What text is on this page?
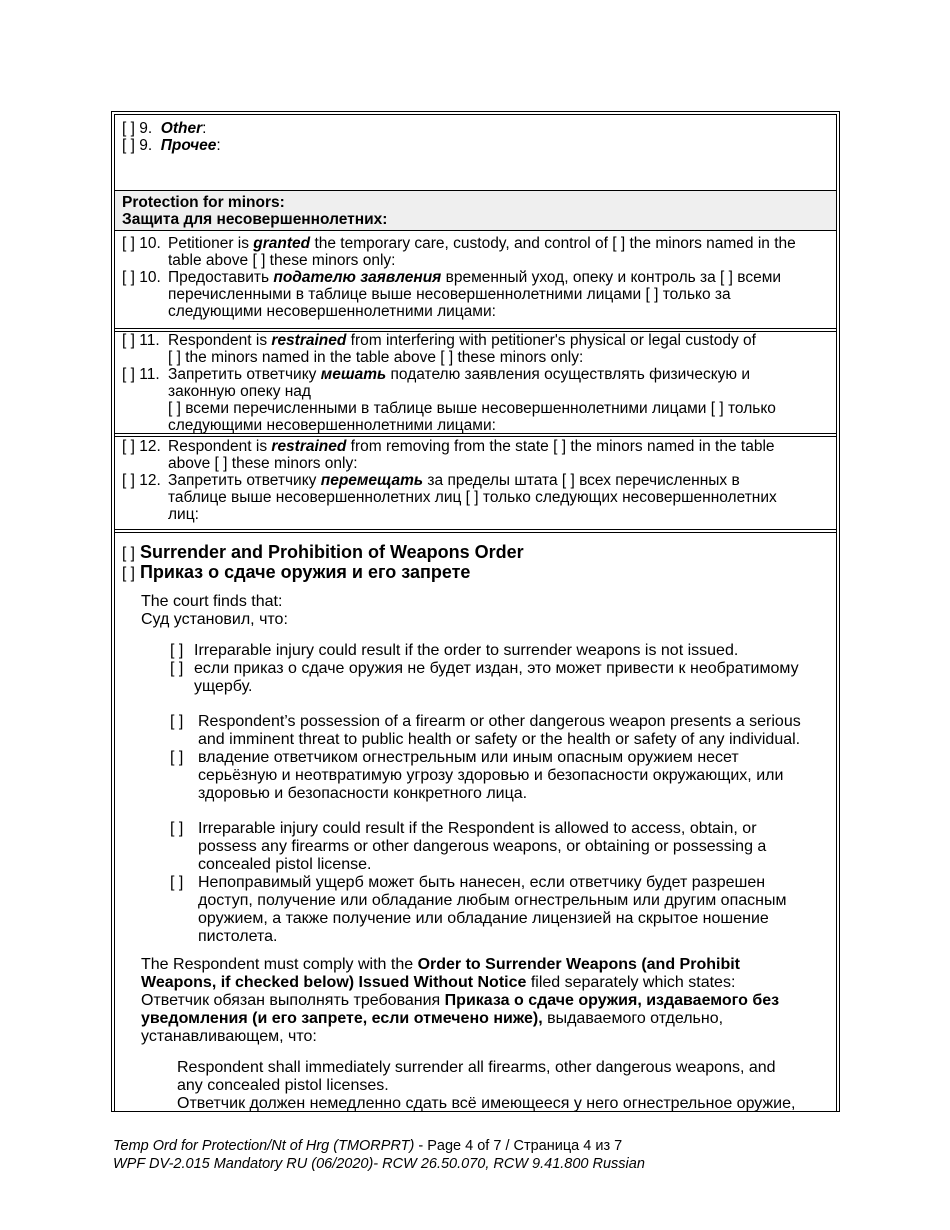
[ ] 9. Other:
[ ] 9. Прочее:
Protection for minors:
Защита для несовершеннолетних:
[ ] 10. Petitioner is granted the temporary care, custody, and control of [ ] the minors named in the
table above [ ] these minors only:
[ ] 10. Предоставить подателю заявления временный уход, опеку и контроль за [ ] всеми
перечисленными в таблице выше несовершеннолетними лицами [ ] только за
следующими несовершеннолетними лицами:
[ ] 11. Respondent is restrained from interfering with petitioner's physical or legal custody of
[ ] the minors named in the table above [ ] these minors only:
[ ] 11. Запретить ответчику мешать подателю заявления осуществлять физическую и
законную опеку над
[ ] всеми перечисленными в таблице выше несовершеннолетними лицами [ ] только
следующими несовершеннолетними лицами:
[ ] 12. Respondent is restrained from removing from the state [ ] the minors named in the table
above [ ] these minors only:
[ ] 12. Запретить ответчику перемещать за пределы штата [ ] всех перечисленных в
таблице выше несовершеннолетних лиц [ ] только следующих несовершеннолетних
лиц:
[ ] Surrender and Prohibition of Weapons Order
[ ] Приказ о сдаче оружия и его запрете
The court finds that:
Суд установил, что:
[ ] Irreparable injury could result if the order to surrender weapons is not issued.
[ ] если приказ о сдаче оружия не будет издан, это может привести к необратимому
ущербу.
[ ] Respondent’s possession of a firearm or other dangerous weapon presents a serious
and imminent threat to public health or safety or the health or safety of any individual.
[ ] владение ответчиком огнестрельным или иным опасным оружием несет
серьёзную и неотвратимую угрозу здоровью и безопасности окружающих, или
здоровью и безопасности конкретного лица.
[ ] Irreparable injury could result if the Respondent is allowed to access, obtain, or
possess any firearms or other dangerous weapons, or obtaining or possessing a
concealed pistol license.
[ ] Непоправимый ущерб может быть нанесен, если ответчику будет разрешен
доступ, получение или обладание любым огнестрельным или другим опасным
оружием, а также получение или обладание лицензией на скрытое ношение
пистолета.
The Respondent must comply with the Order to Surrender Weapons (and Prohibit
Weapons, if checked below) Issued Without Notice filed separately which states:
Ответчик обязан выполнять требования Приказа о сдаче оружия, издаваемого без
уведомления (и его запрете, если отмечено ниже), выдаваемого отдельно,
устанавливающем, что:
Respondent shall immediately surrender all firearms, other dangerous weapons, and
any concealed pistol licenses.
Ответчик должен немедленно сдать всё имеющееся у него огнестрельное оружие,
Temp Ord for Protection/Nt of Hrg (TMORPRT) - Page 4 of 7 / Страница 4 из 7
WPF DV-2.015 Mandatory RU (06/2020)- RCW 26.50.070, RCW 9.41.800 Russian
